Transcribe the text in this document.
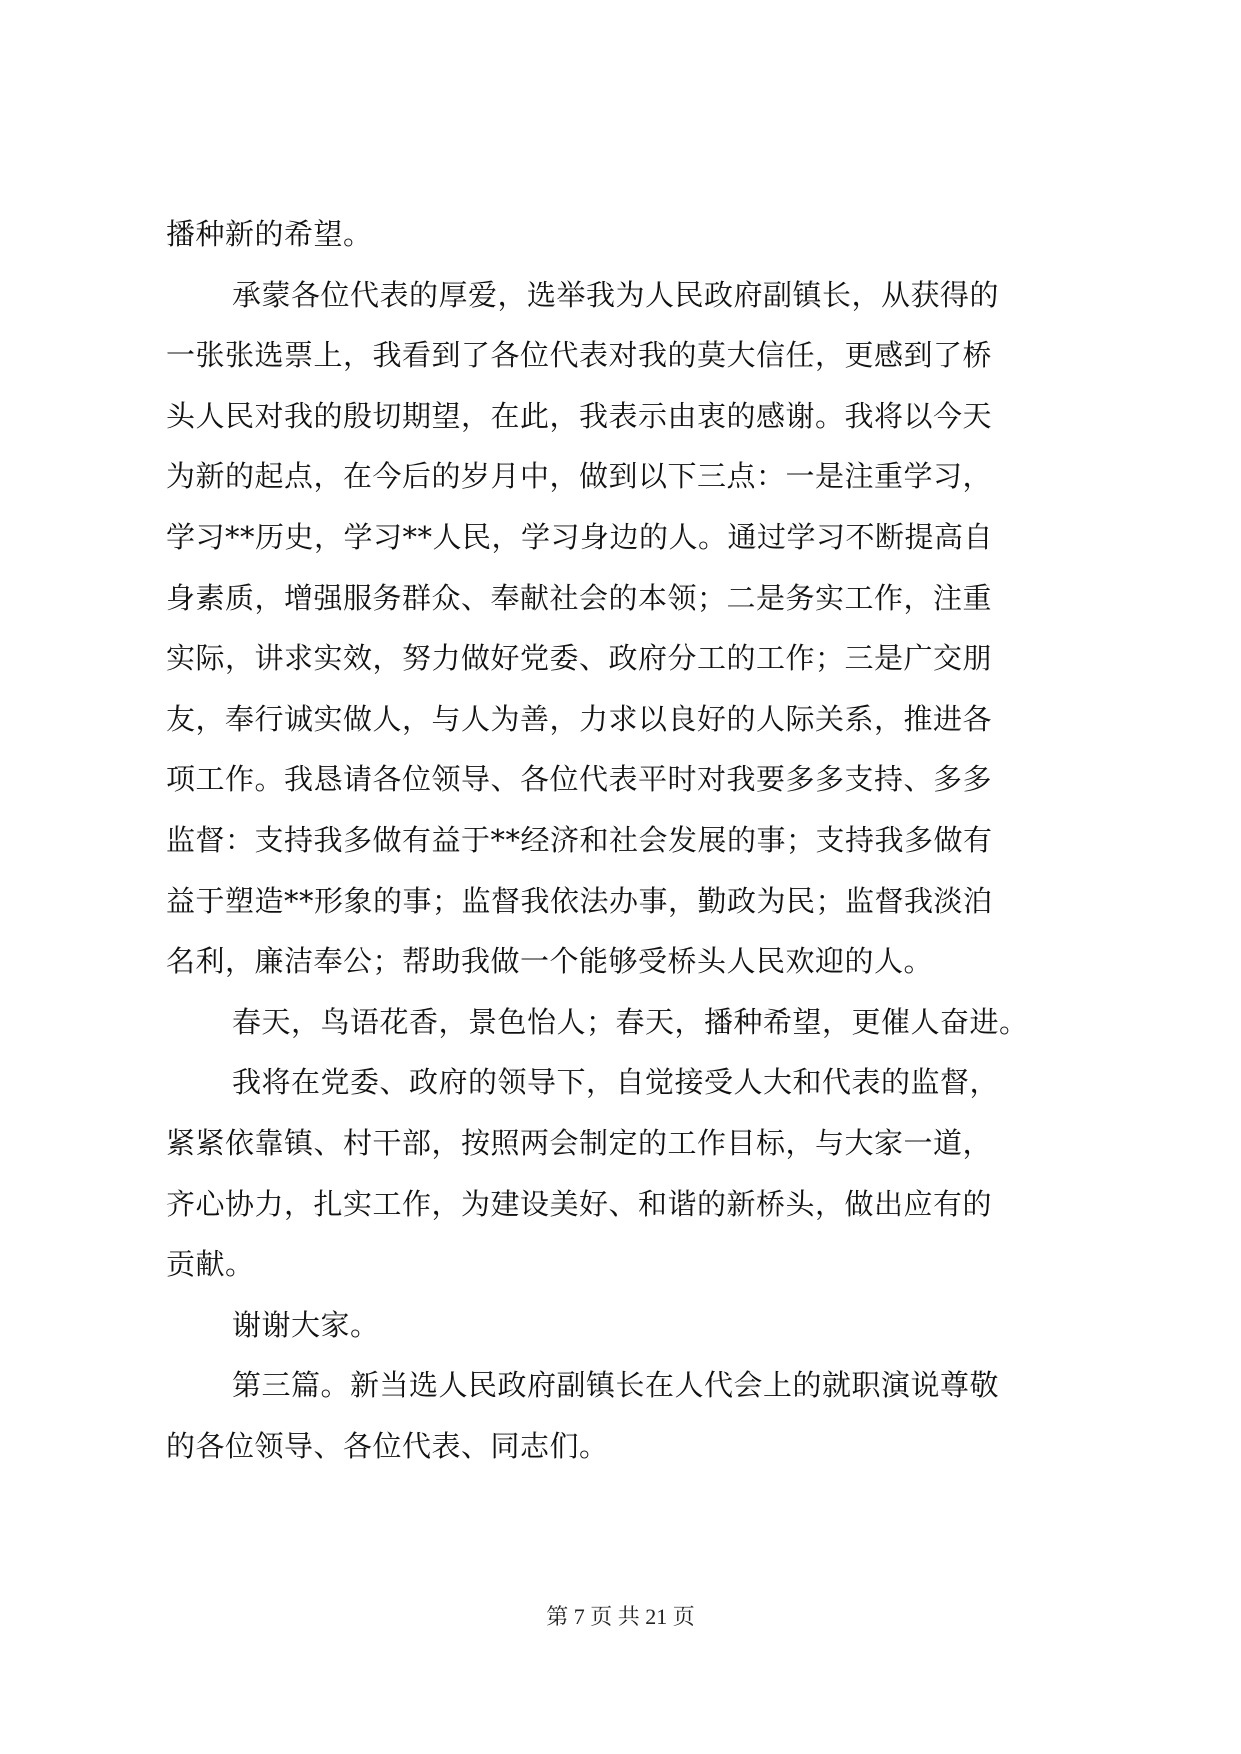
播种新的希望。
承蒙各位代表的厚爱，选举我为人民政府副镇长，从获得的
一张张选票上，我看到了各位代表对我的莫大信任，更感到了桥
头人民对我的殷切期望，在此，我表示由衷的感谢。我将以今天
为新的起点，在今后的岁月中，做到以下三点：一是注重学习，
学习**历史，学习**人民，学习身边的人。通过学习不断提高自
身素质，增强服务群众、奉献社会的本领；二是务实工作，注重
实际，讲求实效，努力做好党委、政府分工的工作；三是广交朋
友，奉行诚实做人，与人为善，力求以良好的人际关系，推进各
项工作。我恳请各位领导、各位代表平时对我要多多支持、多多
监督：支持我多做有益于**经济和社会发展的事；支持我多做有
益于塑造**形象的事；监督我依法办事，勤政为民；监督我淡泊
名利，廉洁奉公；帮助我做一个能够受桥头人民欢迎的人。
春天，鸟语花香，景色怡人；春天，播种希望，更催人奋进。
我将在党委、政府的领导下，自觉接受人大和代表的监督，
紧紧依靠镇、村干部，按照两会制定的工作目标，与大家一道，
齐心协力，扎实工作，为建设美好、和谐的新桥头，做出应有的
贡献。
谢谢大家。
第三篇。新当选人民政府副镇长在人代会上的就职演说尊敬
的各位领导、各位代表、同志们。
第 7 页 共 21 页
